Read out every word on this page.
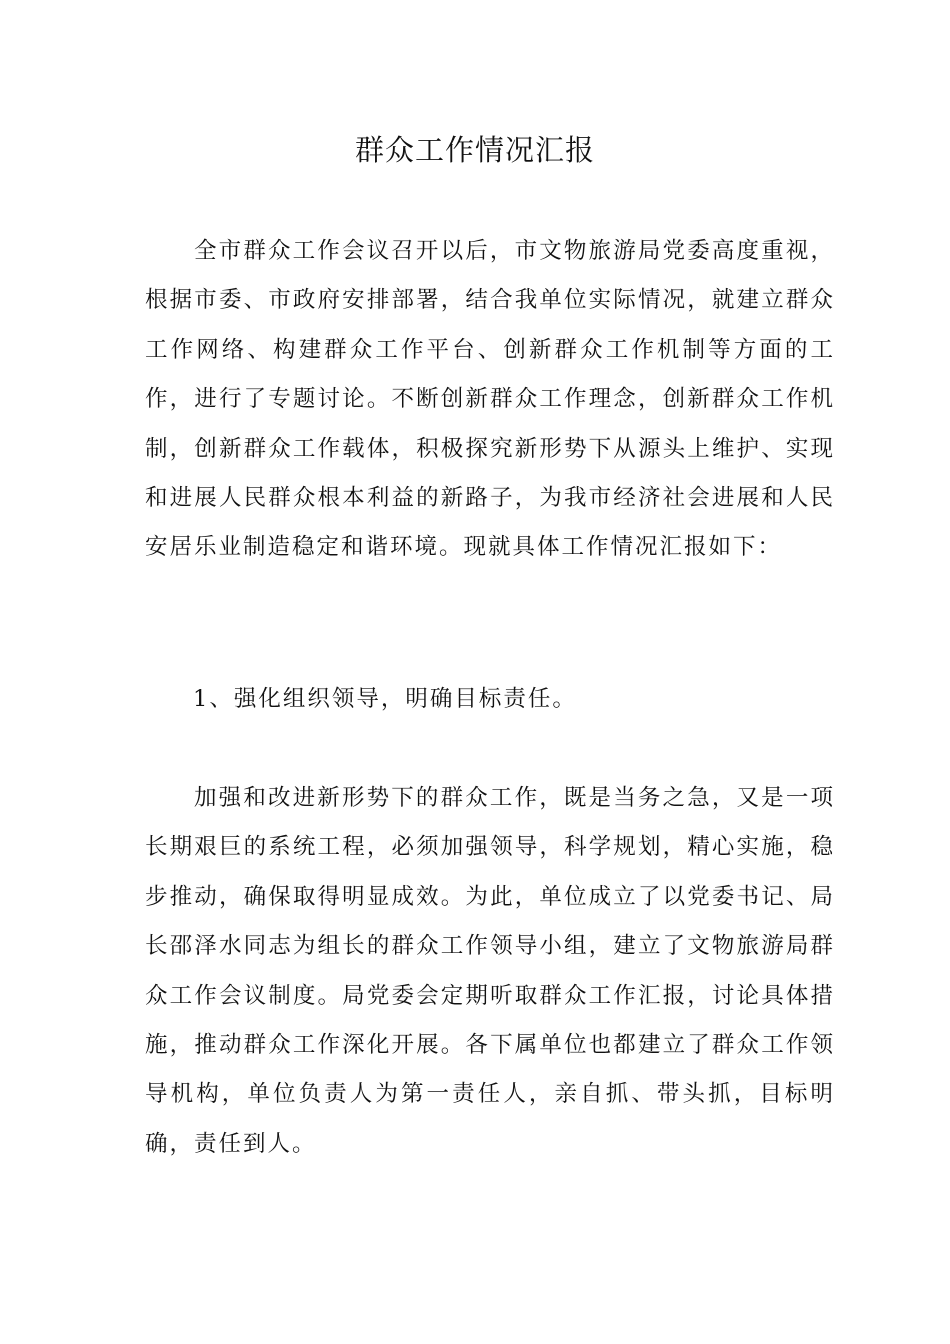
群众工作情况汇报

全市群众工作会议召开以后，市文物旅游局党委高度重视，根据市委、市政府安排部署，结合我单位实际情况，就建立群众工作网络、构建群众工作平台、创新群众工作机制等方面的工作，进行了专题讨论。不断创新群众工作理念，创新群众工作机制，创新群众工作载体，积极探究新形势下从源头上维护、实现和进展人民群众根本利益的新路子，为我市经济社会进展和人民安居乐业制造稳定和谐环境。现就具体工作情况汇报如下：

1、强化组织领导，明确目标责任。

加强和改进新形势下的群众工作，既是当务之急，又是一项长期艰巨的系统工程，必须加强领导，科学规划，精心实施，稳步推动，确保取得明显成效。为此，单位成立了以党委书记、局长邵泽水同志为组长的群众工作领导小组，建立了文物旅游局群众工作会议制度。局党委会定期听取群众工作汇报，讨论具体措施，推动群众工作深化开展。各下属单位也都建立了群众工作领导机构，单位负责人为第一责任人，亲自抓、带头抓，目标明确，责任到人。
